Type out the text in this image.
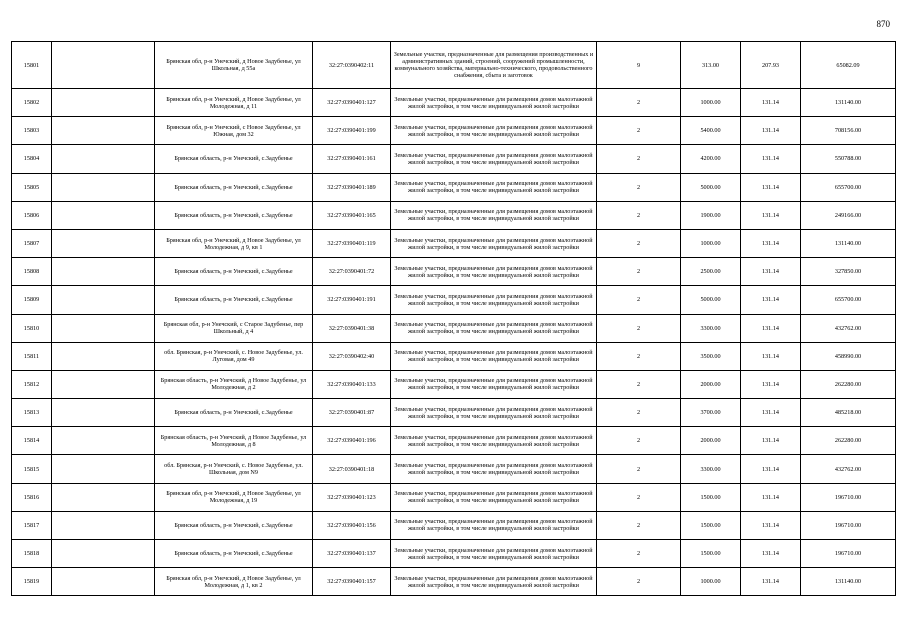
870
15801		Брянская обл, р-н Унечский, д Новое Задубенье, ул Школьная, д 55а	32:27:0390402:11	Земельные участки, предназначенные для размещения производственных и административных зданий, строений, сооружений промышленности, коммунального хозяйства, материально-технического, продовольственного снабжения, сбыта и заготовок	9	313.00	207.93	65082.09
15802		Брянская обл, р-н Унечский, д Новое Задубенье, ул Молодежная, д 11	32:27:0390401:127	Земельные участки, предназначенные для размещения домов малоэтажной жилой застройки, в том числе индивидуальной жилой застройки	2	1000.00	131.14	131140.00
15803		Брянская обл, р-н Унечский, с Новое Задубенье, ул Южная, дом 32	32:27:0390401:199	Земельные участки, предназначенные для размещения домов малоэтажной жилой застройки, в том числе индивидуальной жилой застройки	2	5400.00	131.14	708156.00
15804		Брянская область, р-н Унечский, с.Задубенье	32:27:0390401:161	Земельные участки, предназначенные для размещения домов малоэтажной жилой застройки, в том числе индивидуальной жилой застройки	2	4200.00	131.14	550788.00
15805		Брянская область, р-н Унечский, с.Задубенье	32:27:0390401:189	Земельные участки, предназначенные для размещения домов малоэтажной жилой застройки, в том числе индивидуальной жилой застройки	2	5000.00	131.14	655700.00
15806		Брянская область, р-н Унечский, с.Задубенье	32:27:0390401:165	Земельные участки, предназначенные для размещения домов малоэтажной жилой застройки, в том числе индивидуальной жилой застройки	2	1900.00	131.14	249166.00
15807		Брянская обл, р-н Унечский, д Новое Задубенье, ул Молодежная, д 9, кв 1	32:27:0390401:119	Земельные участки, предназначенные для размещения домов малоэтажной жилой застройки, в том числе индивидуальной жилой застройки	2	1000.00	131.14	131140.00
15808		Брянская область, р-н Унечский, с.Задубенье	32:27:0390401:72	Земельные участки, предназначенные для размещения домов малоэтажной жилой застройки, в том числе индивидуальной жилой застройки	2	2500.00	131.14	327850.00
15809		Брянская область, р-н Унечский, с.Задубенье	32:27:0390401:191	Земельные участки, предназначенные для размещения домов малоэтажной жилой застройки, в том числе индивидуальной жилой застройки	2	5000.00	131.14	655700.00
15810		Брянская обл, р-н Унечский, с Старое Задубенье, пер Школьный, д 4	32:27:0390401:38	Земельные участки, предназначенные для размещения домов малоэтажной жилой застройки, в том числе индивидуальной жилой застройки	2	3300.00	131.14	432762.00
15811		обл. Брянская, р-н Унечский, с. Новое Задубенье, ул. Луговая, дом 49	32:27:0390402:40	Земельные участки, предназначенные для размещения домов малоэтажной жилой застройки, в том числе индивидуальной жилой застройки	2	3500.00	131.14	458990.00
15812		Брянская область, р-н Унечский, д Новое Задубенье, ул Молодежная, д 2	32:27:0390401:133	Земельные участки, предназначенные для размещения домов малоэтажной жилой застройки, в том числе индивидуальной жилой застройки	2	2000.00	131.14	262280.00
15813		Брянская область, р-н Унечский, с.Задубенье	32:27:0390401:87	Земельные участки, предназначенные для размещения домов малоэтажной жилой застройки, в том числе индивидуальной жилой застройки	2	3700.00	131.14	485218.00
15814		Брянская область, р-н Унечский, д Новое Задубенье, ул Молодежная, д 8	32:27:0390401:196	Земельные участки, предназначенные для размещения домов малоэтажной жилой застройки, в том числе индивидуальной жилой застройки	2	2000.00	131.14	262280.00
15815		обл. Брянская, р-н Унечский, с. Новое Задубенье, ул. Школьная, дом N9	32:27:0390401:18	Земельные участки, предназначенные для размещения домов малоэтажной жилой застройки, в том числе индивидуальной жилой застройки	2	3300.00	131.14	432762.00
15816		Брянская обл, р-н Унечский, д Новое Задубенье, ул Молодежная, д 19	32:27:0390401:123	Земельные участки, предназначенные для размещения домов малоэтажной жилой застройки, в том числе индивидуальной жилой застройки	2	1500.00	131.14	196710.00
15817		Брянская область, р-н Унечский, с.Задубенье	32:27:0390401:156	Земельные участки, предназначенные для размещения домов малоэтажной жилой застройки, в том числе индивидуальной жилой застройки	2	1500.00	131.14	196710.00
15818		Брянская область, р-н Унечский, с.Задубенье	32:27:0390401:137	Земельные участки, предназначенные для размещения домов малоэтажной жилой застройки, в том числе индивидуальной жилой застройки	2	1500.00	131.14	196710.00
15819		Брянская обл, р-н Унечский, д Новое Задубенье, ул Молодежная, д 1, кв 2	32:27:0390401:157	Земельные участки, предназначенные для размещения домов малоэтажной жилой застройки, в том числе индивидуальной жилой застройки	2	1000.00	131.14	131140.00
